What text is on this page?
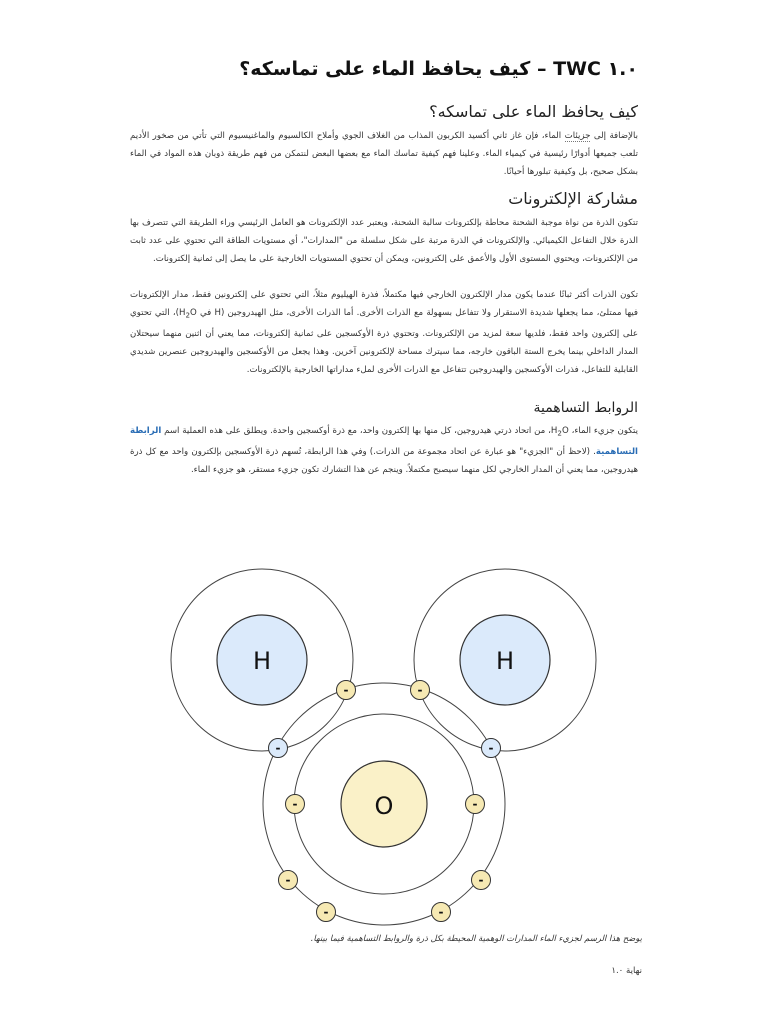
١.٠ TWC – كيف يحافظ الماء على تماسكه؟
كيف يحافظ الماء على تماسكه؟

بالإضافة إلى جزيئات الماء، فإن غاز ثاني أكسيد الكربون المذاب من الغلاف الجوي وأملاح الكالسيوم والماغنيسيوم التي تأتي من صخور الأديم تلعب جميعها أدوارًا رئيسية في كيمياء الماء. وعلينا فهم كيفية تماسك الماء مع بعضها البعض لنتمكن من فهم طريقة ذوبان هذه المواد في الماء بشكل صحيح، بل وكيفية تبلورها أحيانًا.

مشاركة الإلكترونات

تتكون الذرة من نواة موجبة الشحنة محاطة بإلكترونات سالبة الشحنة، ويعتبر عدد الإلكترونات هو العامل الرئيسي وراء الطريقة التي تتصرف بها الذرة خلال التفاعل الكيميائي. والإلكترونات في الذرة مرتبة على شكل سلسلة من "المدارات"، أي مستويات الطاقة التي تحتوي على عدد ثابت من الإلكترونات، ويحتوي المستوى الأول والأعمق على إلكترونين، ويمكن أن تحتوي المستويات الخارجية على ما يصل إلى ثمانية إلكترونات.

تكون الذرات أكثر ثباتًا عندما يكون مدار الإلكترون الخارجي فيها مكتملاً، فذرة الهيليوم مثلاً، التي تحتوي على إلكترونين فقط، مدار الإلكترونات فيها ممتلئ، مما يجعلها شديدة الاستقرار ولا تتفاعل بسهولة مع الذرات الأخرى. أما الذرات الأخرى، مثل الهيدروجين (H في $H_2O)،$ التي تحتوي على إلكترون واحد فقط، فلديها سعة لمزيد من الإلكترونات. وتحتوي ذرة الأوكسجين على ثمانية إلكترونات، مما يعني أن اثنين منهما سيحتلان المدار الداخلي بينما يخرج الستة الباقون خارجه، مما سيترك مساحة لإلكترونين آخرين. وهذا يجعل من الأوكسجين والهيدروجين عنصرين شديدي القابلية للتفاعل، فذرات الأوكسجين والهيدروجين تتفاعل مع الذرات الأخرى لملء مداراتها الخارجية بالإلكترونات.

الروابط التساهمية

يتكون جزيء الماء، $H_2O،$ من اتحاد ذرتي هيدروجين، كل منها بها إلكترون واحد، مع ذرة أوكسجين واحدة. ويطلق على هذه العملية اسم الرابطة التساهمية. (لاحظ أن "الجزيء" هو عبارة عن اتحاد مجموعة من الذرات.) وفي هذا الرابطة، تُسهم ذرة الأوكسجين بإلكترون واحد مع كل ذرة هيدروجين، مما يعني أن المدار الخارجي لكل منهما سيصبح مكتملاً. وينجم عن هذا التشارك تكون جزيء مستقر، هو جزيء الماء.

H	H
O
-	-
-	-
-	-
-	-
-	-

يوضح هذا الرسم لجزيء الماء المدارات الوهمية المحيطة بكل ذرة والروابط التساهمية فيما بينها.

نهاية ١.٠
